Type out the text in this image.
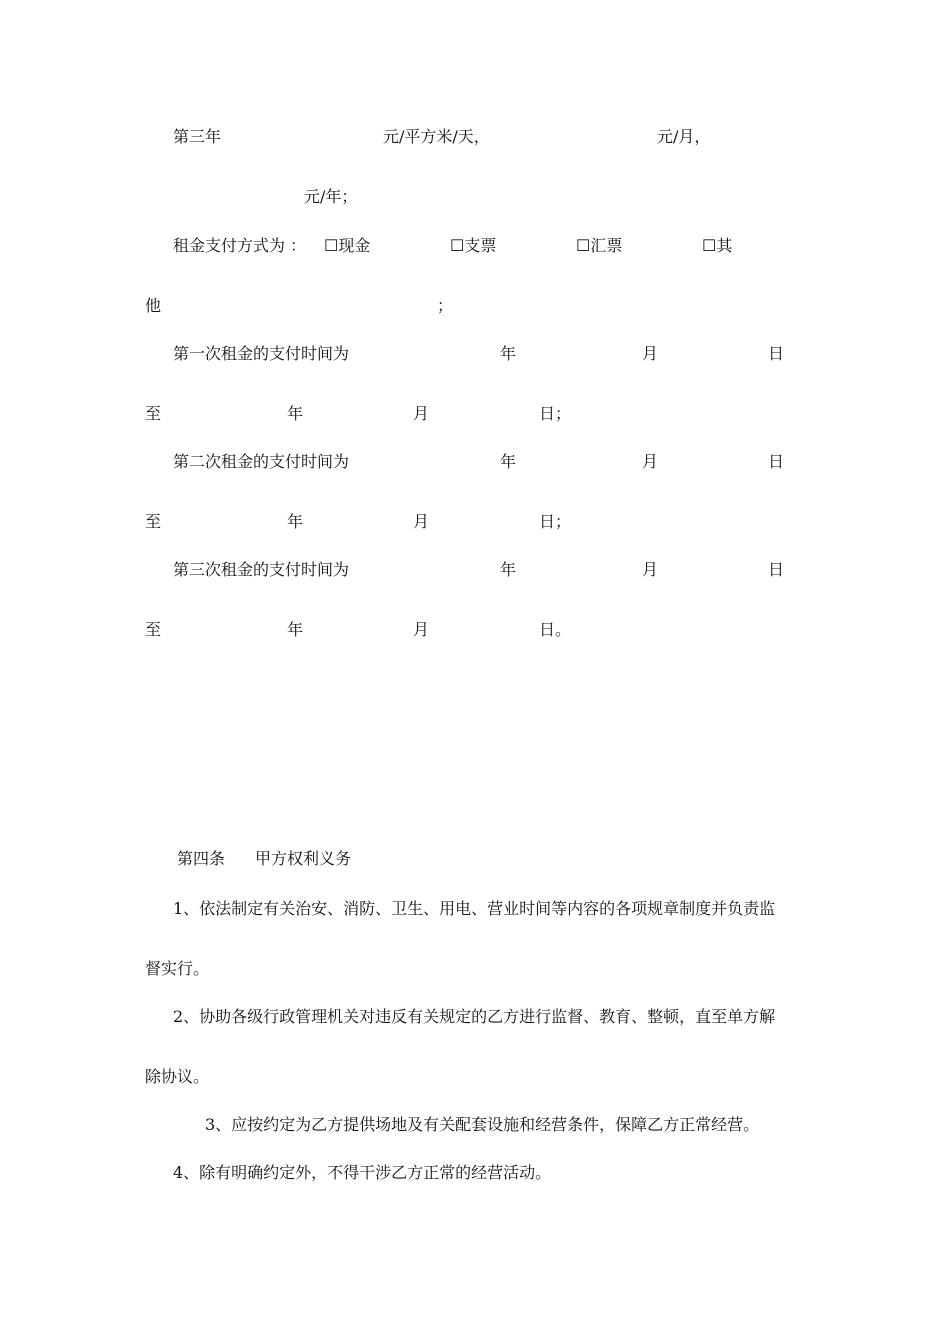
第三年	元/平方米/天，	元/月，
元/年；
租金支付方式为 ： ☐现金	☐支票	☐汇票	☐其
他	；
第一次租金的支付时间为	年	月	日
至	年	月	日；
第二次租金的支付时间为	年	月	日
至	年	月	日；
第三次租金的支付时间为	年	月	日
至	年	月	日。
第四条 甲方权利义务
1、依法制定有关治安、消防、卫生、用电、营业时间等内容的各项规章制度并负责监
督实行。
2、协助各级行政管理机关对违反有关规定的乙方进行监督、教育、整顿，直至单方解
除协议。
3、应按约定为乙方提供场地及有关配套设施和经营条件，保障乙方正常经营。
4、除有明确约定外，不得干涉乙方正常的经营活动。
